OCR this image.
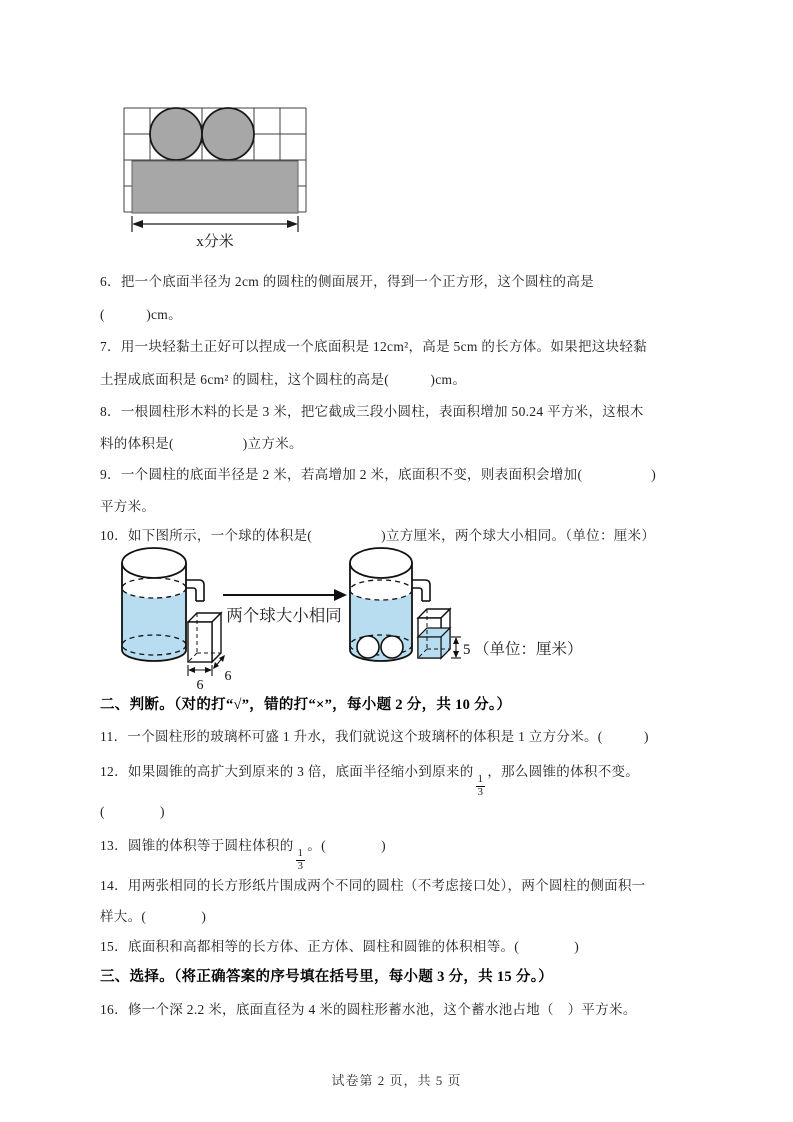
x分米
6．把一个底面半径为 2cm 的圆柱的侧面展开，得到一个正方形，这个圆柱的高是
(　　　)cm。
7．用一块轻黏土正好可以捏成一个底面积是 12cm²，高是 5cm 的长方体。如果把这块轻黏
土捏成底面积是 6cm² 的圆柱，这个圆柱的高是(　　　)cm。
8．一根圆柱形木料的长是 3 米，把它截成三段小圆柱，表面积增加 50.24 平方米，这根木
料的体积是(　　　　　)立方米。
9．一个圆柱的底面半径是 2 米，若高增加 2 米，底面积不变，则表面积会增加(　　　　　)
平方米。
10．如下图所示，一个球的体积是(　　　　　)立方厘米，两个球大小相同。（单位：厘米）
6
6
两个球大小相同
5 （单位：厘米）
二、判断。（对的打“√”，错的打“×”，每小题 2 分，共 10 分。）
11．一个圆柱形的玻璃杯可盛 1 升水，我们就说这个玻璃杯的体积是 1 立方分米。(　　　)
12．如果圆锥的高扩大到原来的 3 倍，底面半径缩小到原来的
$\frac{1}{3}$
，那么圆锥的体积不变。
(　　　　)
13．圆锥的体积等于圆柱体积的
$\frac{1}{3}$
。(　　　　)
14．用两张相同的长方形纸片围成两个不同的圆柱（不考虑接口处），两个圆柱的侧面积一
样大。(　　　　)
15．底面积和高都相等的长方体、正方体、圆柱和圆锥的体积相等。(　　　　)
三、选择。（将正确答案的序号填在括号里，每小题 3 分，共 15 分。）
16．修一个深 2.2 米，底面直径为 4 米的圆柱形蓄水池，这个蓄水池占地（　）平方米。
试卷第 2 页，共 5 页
